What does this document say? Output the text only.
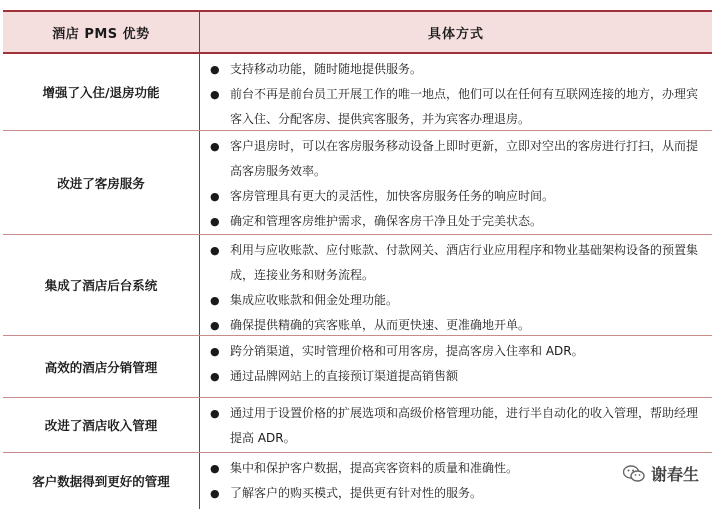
酒店 PMS 优势	具体方式
增强了入住/退房功能
● 支持移动功能，随时随地提供服务。
● 前台不再是前台员工开展工作的唯一地点，他们可以在任何有互联网连接的地方，办理宾客入住、分配客房、提供宾客服务，并为宾客办理退房。
改进了客房服务
● 客户退房时，可以在客房服务移动设备上即时更新，立即对空出的客房进行打扫，从而提高客房服务效率。
● 客房管理具有更大的灵活性，加快客房服务任务的响应时间。
● 确定和管理客房维护需求，确保客房干净且处于完美状态。
集成了酒店后台系统
● 利用与应收账款、应付账款、付款网关、酒店行业应用程序和物业基础架构设备的预置集成，连接业务和财务流程。
● 集成应收账款和佣金处理功能。
● 确保提供精确的宾客账单，从而更快速、更准确地开单。
高效的酒店分销管理
● 跨分销渠道，实时管理价格和可用客房，提高客房入住率和 ADR。
● 通过品牌网站上的直接预订渠道提高销售额
改进了酒店收入管理
● 通过用于设置价格的扩展选项和高级价格管理功能，进行半自动化的收入管理，帮助经理提高 ADR。
客户数据得到更好的管理
● 集中和保护客户数据，提高宾客资料的质量和准确性。
● 了解客户的购买模式，提供更有针对性的服务。
谢春生
